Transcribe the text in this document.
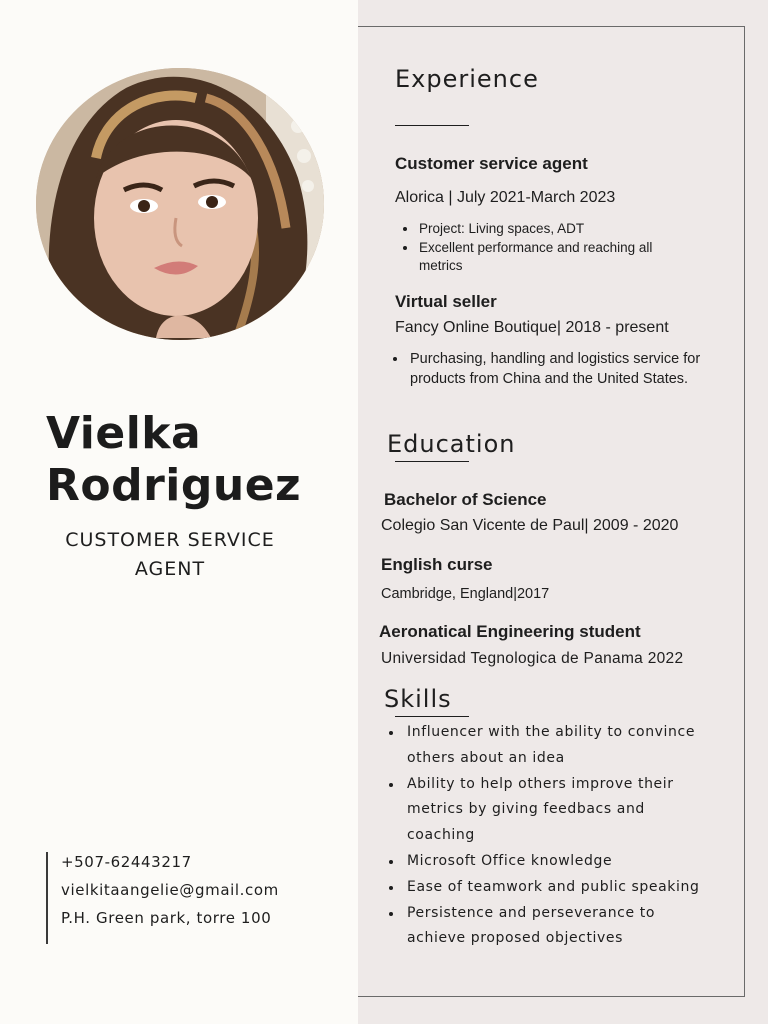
Vielka
Rodriguez
CUSTOMER SERVICE
AGENT
+507-62443217
vielkitaangelie@gmail.com
P.H. Green park, torre 100
Experience
Customer service agent
Alorica | July 2021-March 2023
Project: Living spaces, ADT
Excellent performance and reaching all metrics
Virtual seller
Fancy Online Boutique| 2018 - present
Purchasing, handling and logistics service for products from China and the United States.
Education
Bachelor of Science
Colegio San Vicente de Paul| 2009 - 2020
English curse
Cambridge, England|2017
Aeronatical Engineering student
Universidad Tegnologica de Panama 2022
Skills
Influencer with the ability to convince others about an idea
Ability to help others improve their metrics by giving feedbacs and coaching
Microsoft Office knowledge
Ease of teamwork and public speaking
Persistence and perseverance to achieve proposed objectives
